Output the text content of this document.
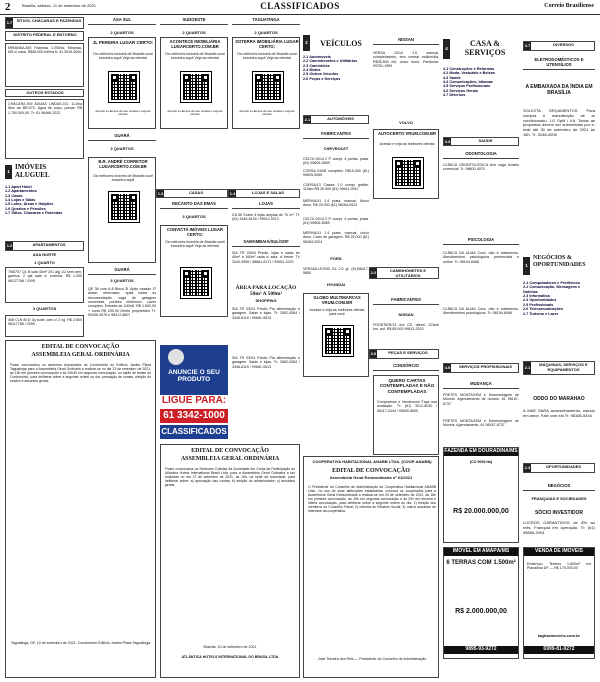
2	Brasília, sábado, 11 de setembro de 2021	CLASSIFICADOS	Correio Braziliense
1.7	SÍTIOS, CHÁCARAS E FAZENDAS
DISTRITO FEDERAL E ENTORNO
MIRANDA-MG Fazenda 1.000ha, Miranda-MS c/ casa, R$45.000 mil/ha tr: 41 3015-5000
OUTROS ESTADOS
CHÁCARA EM ÁGUAS LINDAS-GO. 11,5ha 5km da BR-070. Água de poço, pomar. R$ 1.750.000,00. Tr: 61 98466-3232
1
IMÓVEIS ALUGUEL
1.1 Apart Hotel
1.2 Apartamentos
1.3 Casas
1.4 Lojas e Salas
1.5 Lotes, Áreas e Galpões
1.6 Quartos e Pensões
1.7 Sítios, Chácaras e Fazendas
1.2	APARTAMENTOS
ASA NORTE
1 QUARTO
708/707 Q1 B sala 40m² 201 alg 1/2 sem arm. gar/rua, 2 qts sala c/ cozinha. R$ 1.300 98127768 / 2099
3 QUARTOS
408 CLN Bl D 3q suíte, arm c/ 2 vg. R$ 2.800 98117788 / 2099
EDITAL DE CONVOCAÇÃO
ASSEMBLEIA GERAL ORDINÁRIA
Ficam convocados os senhores Associados do Condomínio do Edifício Jardim Plaza Taguatinga para a Assembleia Geral Ordinária a realizar-se no dia 23 de setembro de 2021, às 19h em primeira convocação e às 19h30 em segunda convocação, no salão de festas do Condomínio, para deliberar sobre a seguinte ordem do dia: prestação de contas, eleição do síndico e assuntos gerais.
Taguatinga, DF, 10 de setembro de 2021. Condomínio Edifício Jardim Plaza Taguatinga
ASA SUL
2 QUARTOS
JL PEREIRA LUGAR CERTO:
Os melhores imóveis de Brasília você encontra aqui! Veja as ofertas!
Aponte a câmera do seu celular e veja as ofertas
GUARÁ
3 QUARTOS
B.R. ANDRÉ CORRETOR LUGARCERTO.COM.BR
Os melhores imóveis de Brasília você encontra aqui!
GUARÁ
3 QUARTOS
QE 38 com A-8 Bloco B. Aptio vazado 1º andar, reformado, quita todos os documentação, vaga de garagem numerada, porteiro eletrônico. Lazer completo. Entrada de 100mil. R$ 1.600,00 + cond R$ 200,00 Direto proprietário Tr: 99436-3076 e 98417-8807
SUDOESTE
2 QUARTOS
ACONTECE IMOBILIÁRIA LUGARCERTO.COM.BR
Os melhores imóveis de Brasília você encontra aqui! Veja as ofertas!
Aponte a câmera do seu celular e veja as ofertas
1.3	CASAS
RECANTO DAS EMAS
3 QUARTOS
CONVICTA IMÓVEIS LUGAR CERTO:
Os melhores imóveis de Brasília você encontra aqui! Veja as ofertas!
ANUNCIE O SEU PRODUTO
LIGUE PARA:
61 3342-1000
CLASSIFICADOS
TAGUATINGA
2 QUARTOS
SOTERRA IMOBILIÁRIA LUGAR CERTO:
Os melhores imóveis de Brasília você encontra aqui! Veja as ofertas!
Aponte a câmera do seu celular e veja as ofertas
1.4	LOJAS E SALAS
LOJAS
CA 55 Sobre 4 lojas amplas de 70 m². Tr: (61) 3446-8139 / 99912-0213
SAMAMBAIA/SUL/SOF
SIA TR 03/04 Prédio. lojas e salas ter 40m² a 160m² cada c/ sala, c/ frente. Tr: 3340-9955 / 98681-6171 / 99951-3333
ÁREA PARA LOCAÇÃO 50m² A 500m²
SHOPPING
SIA TR 03/04 Prédio Pia alimentação e garagem. Salas e lojas. Tr: 3362-0084 / 3346-8115 / 99681-0613
SIA TR 03/04 Prédio Pia alimentação e garagem. Salas e lojas. Tr: 3362-0084 / 3346-8115 / 99681-0613
EDITAL DE CONVOCAÇÃO
ASSEMBLEIA GERAL ORDINÁRIA
Ficam convocados os Senhores Cotistas da Sociedade em Conta de Participação do Atlântica Hotels International Brasil Ltda. para a Assembleia Geral Ordinária a ser realizada no dia 27 de setembro de 2021, às 10h, na sede da sociedade, para deliberar sobre: a) aprovação das contas; b) eleição do administrador; c) assuntos gerais.
Brasília, 10 de setembro de 2021
ATLÂNTICA HOTELS INTERNATIONAL DO BRASIL LTDA
2	VEÍCULOS
2.1 Automóveis
2.2 Caminhonetes e Utilitários
2.3 Caminhões
2.4 Motos
2.5 Outros Veículos
2.6 Peças e Serviços
2.1	AUTOMÓVEIS
FABRICANTES
CHEVROLET
CELTA 10/14 2 P. compl. 4 portas, prata. (61) 99606-5569
CORSA 04/08 completo. R$15.000 (61) 99605-5069
CORSA/13 Classic 1.0 compl. grafite, 110km R$ 26.500 (61) 99641-0911
MERIVA/11 1.4 prata, manual. Único dono. R$ 25.000 (61) 98284-0024
CELTA 10/14 2 P. compl. 4 portas, prata. (61) 99606-5569
MERIVA/11 1.4 prata, manual, único dono. Carro de garagem. R$ 25.000 (61) 98284-0024
FORD
VERSAILLES/95 GL 2.0 gr. (61)98417-5880
HYUNDAI
GLOBO MULTIMARCAS VRUM.COM.BR
Acesse e veja as melhores ofertas para você
COOPERATIVA HABITACIONAL ANABB LTDA. (COOP-ANABB)
EDITAL DE CONVOCAÇÃO
Assembleia Geral Extraordinária nº 01/2021
O Presidente do Conselho de Administração da Cooperativa Habitacional ANABB Ltda., no uso de suas atribuições estatutárias, convoca os cooperados para a Assembleia Geral Extraordinária a realizar-se em 24 de setembro de 2021, às 18h em primeira convocação, às 19h em segunda convocação e às 20h em terceira e última convocação, para deliberar sobre a seguinte ordem do dia: 1) eleição dos membros do Conselho Fiscal; 2) reforma do Estatuto Social; 3) outros assuntos de interesse da cooperativa.
José Teixeira dos Reis — Presidente do Conselho de Administração
NISSAN
VERSA 13/14 1.6 manual, completíssimo, tem central multimídia, R$35.500 mil, único dono. Particular. 99751-1959
VOLVO
AUTOCERTO VRUM.COM.BR
Acesse e veja as melhores ofertas
2.2	CAMINHONETES E UTILITÁRIOS
FABRICANTES
NISSAN
FRONTIER/13 4x4 CD, diesel, 223mil km, aut. R$ 85.000 99813-3333
2.6	PEÇAS E SERVIÇOS
CONSÓRCIO
QUERO CARTAS CONTEMPLADAS E NÃO CONTEMPLADAS
Compramos e Vendemos! Faça sua avaliação. Tr: (61) 3012-8030 / 98117-2444 / 99605-5600
4
CASA & SERVIÇOS
4.1 Construções e Reformas
4.2 Moda, Vestuário e Beleza
4.3 Saúde
4.4 Comunicações, Idiomas
4.5 Serviços Profissionais
4.6 Serviços Gerais
4.7 Diversos
4.3	SAÚDE
ODONTOLOGIA
CLÍNICA ODONTOLÓGICA tem vaga horário comercial. Tr: 98600-4070
PSICOLOGIA
CLÍNICA DA ALMA Cura, não é tratamento. Atendimentos psicológicos presenciais e online. Tr: 98194-6068
CLÍNICA DA ALMA Cura, não é tratamento. Atendimentos psicológicos. Tr: 98194-6068
4.5	SERVIÇOS PROFISSIONAIS
MUDANÇA
FRETES MONTAGEM e Desmontagem de Móveis. Agendamento de horário. 61 98187-8737
FRETES MONTAGEM e Desmontagem de Móveis. Agendamento. 61 98187-8737
FAZENDA EM DOURADINA/MS
(CO 9008 Ha)
R$ 20.000.000,00
IMÓVEL EM AMAPÁ/MS
6 TERRAS COM 1.500m²
R$ 2.000.000,00
9895-93-9272
4.7	DIVERSOS
ELETRODOMÉSTICOS E UTENSÍLIOS
A EMBAIXADA DA ÍNDIA EM BRASÍLIA
SOLICITA ORÇAMENTOS. Para compra e manutenção de ar condicionado. LG Split / Kit. Todas as propostas devem ser submetidas por e-mail até 30 de setembro de 2021 às 18h. Tr: 3248-4006
1
NEGÓCIOS & OPORTUNIDADES
2.1 Computadores e Periféricos
2.2 Comunicação, Mensagens e Notícias
2.3 Informática
2.4 Oportunidades
2.5 Profissionais
2.6 Telecomunicações
2.7 Turismo e Lazer
2.1
MÁQUINAS, SERVIÇOS E EQUIPAMENTOS
ODDO DO MARAHAO
A MAE SARA aconselhamento, estudo em amor. Fale com ela Tr: 98166-5444
2.4	OPORTUNIDADES
NEGÓCIOS
FRANQUIAS E SOCIEDADES
SÓCIO INVESTIDOR
LUCROS GARANTIDOS de 8% ao mês. Franquia em operação. Tr: (61) 98666-2004
VENDA DE IMÓVEIS
Endereço, Terreno 1.800m² em Planaltina DF — R$ 175.000,00
taghasimoveis.com.br
6999-81-9272
